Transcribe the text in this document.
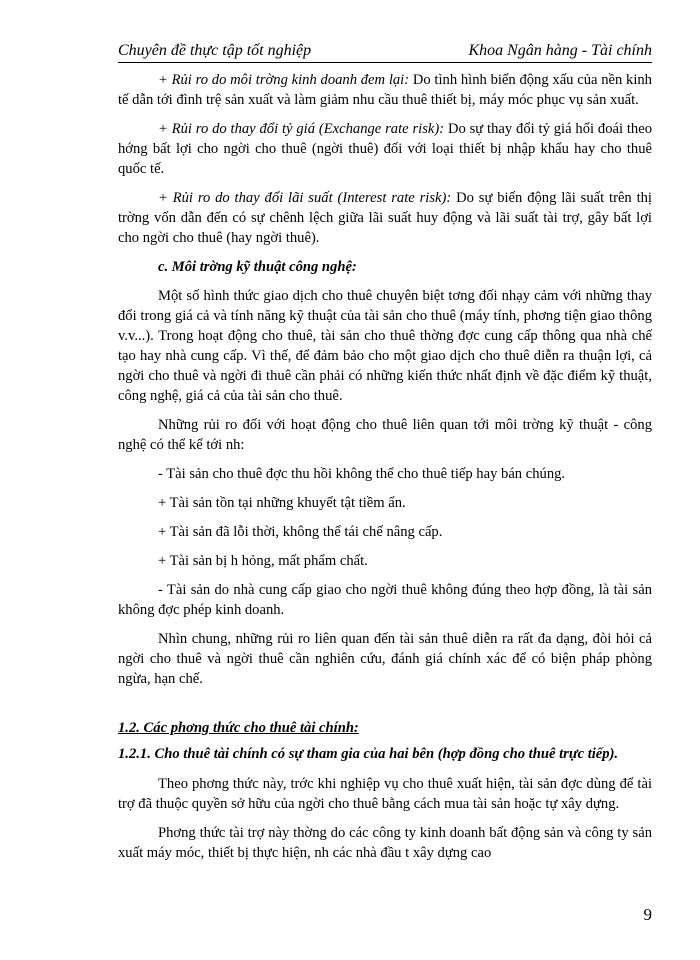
Chuyên đề thực tập tốt nghiệp	Khoa Ngân hàng - Tài chính

+ Rủi ro do môi trờng kinh doanh đem lại: Do tình hình biến động xấu của nền kinh tế dẫn tới đình trệ sản xuất và làm giảm nhu cầu thuê thiết bị, máy móc phục vụ sản xuất.

+ Rủi ro do thay đổi tỷ giá (Exchange rate risk): Do sự thay đổi tỷ giá hối đoái theo hớng bất lợi cho ngời cho thuê (ngời thuê) đối với loại thiết bị nhập khẩu hay cho thuê quốc tế.

+ Rủi ro do thay đổi lãi suất (Interest rate risk): Do sự biến động lãi suất trên thị trờng vốn dẫn đến có sự chênh lệch giữa lãi suất huy động và lãi suất tài trợ, gây bất lợi cho ngời cho thuê (hay ngời thuê).

c. Môi trờng kỹ thuật công nghệ:

Một số hình thức giao dịch cho thuê chuyên biệt tơng đối nhạy cảm với những thay đổi trong giá cả và tính năng kỹ thuật của tài sản cho thuê (máy tính, phơng tiện giao thông v.v...). Trong hoạt động cho thuê, tài sản cho thuê thờng đợc cung cấp thông qua nhà chế tạo hay nhà cung cấp. Vì thế, để đảm bảo cho một giao dịch cho thuê diễn ra thuận lợi, cả ngời cho thuê và ngời đi thuê cần phải có những kiến thức nhất định về đặc điểm kỹ thuật, công nghệ, giá cả của tài sản cho thuê.

Những rủi ro đối với hoạt động cho thuê liên quan tới môi trờng kỹ thuật - công nghệ có thể kể tới nh:

- Tài sản cho thuê đợc thu hồi không thể cho thuê tiếp hay bán chúng.

+ Tài sản tồn tại những khuyết tật tiềm ẩn.

+ Tài sản đã lỗi thời, không thể tái chế nâng cấp.

+ Tài sản bị h hỏng, mất phẩm chất.

- Tài sản do nhà cung cấp giao cho ngời thuê không đúng theo hợp đồng, là tài sản không đợc phép kinh doanh.

Nhìn chung, những rủi ro liên quan đến tài sản thuê diễn ra rất đa dạng, đòi hỏi cả ngời cho thuê và ngời thuê cần nghiên cứu, đánh giá chính xác để có biện pháp phòng ngừa, hạn chế.

1.2. Các phơng thức cho thuê tài chính:

1.2.1. Cho thuê tài chính có sự tham gia của hai bên (hợp đồng cho thuê trực tiếp).

Theo phơng thức này, trớc khi nghiệp vụ cho thuê xuất hiện, tài sản đợc dùng để tài trợ đã thuộc quyền sở hữu của ngời cho thuê bằng cách mua tài sản hoặc tự xây dựng.

Phơng thức tài trợ này thờng do các công ty kinh doanh bất động sản và công ty sản xuất máy móc, thiết bị thực hiện, nh các nhà đầu t xây dựng cao

9
